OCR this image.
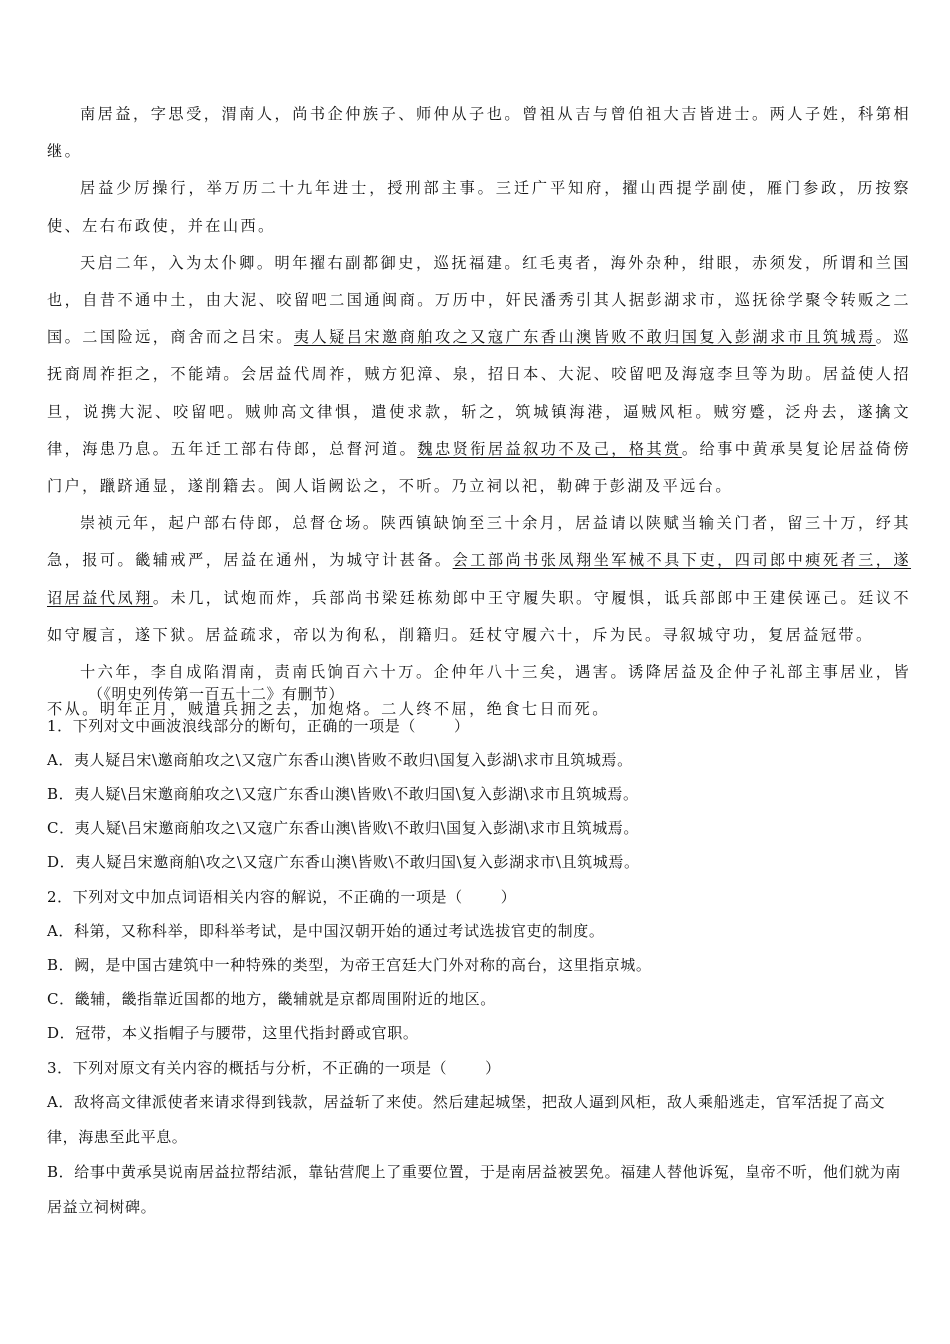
南居益，字思受，渭南人，尚书企仲族子、师仲从子也。曾祖从吉与曾伯祖大吉皆进士。两人子姓，科第相继。

居益少厉操行，举万历二十九年进士，授刑部主事。三迁广平知府，擢山西提学副使，雁门参政，历按察使、左右布政使，并在山西。

天启二年，入为太仆卿。明年擢右副都御史，巡抚福建。红毛夷者，海外杂种，绀眼，赤须发，所谓和兰国也，自昔不通中土，由大泥、咬留吧二国通闽商。万历中，奸民潘秀引其人据彭湖求市，巡抚徐学聚令转贩之二国。二国险远，商舍而之吕宋。夷人疑吕宋邀商舶攻之又寇广东香山澳皆败不敢归国复入彭湖求市且筑城焉。巡抚商周祚拒之，不能靖。会居益代周祚，贼方犯漳、泉，招日本、大泥、咬留吧及海寇李旦等为助。居益使人招旦，说携大泥、咬留吧。贼帅高文律惧，遣使求款，斩之，筑城镇海港，逼贼风柜。贼穷蹙，泛舟去，遂擒文律，海患乃息。五年迁工部右侍郎，总督河道。魏忠贤衔居益叙功不及己，格其赏。给事中黄承昊复论居益倚傍门户，躐跻通显，遂削籍去。闽人诣阙讼之，不听。乃立祠以祀，勒碑于彭湖及平远台。

崇祯元年，起户部右侍郎，总督仓场。陕西镇缺饷至三十余月，居益请以陕赋当输关门者，留三十万，纾其急，报可。畿辅戒严，居益在通州，为城守计甚备。会工部尚书张凤翔坐军械不具下吏，四司郎中瘐死者三，遂诏居益代凤翔。未几，试炮而炸，兵部尚书梁廷栋劾郎中王守履失职。守履惧，诋兵部郎中王建侯诬己。廷议不如守履言，遂下狱。居益疏求，帝以为徇私，削籍归。廷杖守履六十，斥为民。寻叙城守功，复居益冠带。

十六年，李自成陷渭南，责南氏饷百六十万。企仲年八十三矣，遇害。诱降居益及企仲子礼部主事居业，皆不从。明年正月，贼遣兵拥之去，加炮烙。二人终不屈，绝食七日而死。

（《明史列传第一百五十二》有删节）

1．下列对文中画波浪线部分的断句，正确的一项是（	）

A．夷人疑吕宋\邀商舶攻之\又寇广东香山澳\皆败不敢归\国复入彭湖\求市且筑城焉。

B．夷人疑\吕宋邀商舶攻之\又寇广东香山澳\皆败\不敢归国\复入彭湖\求市且筑城焉。

C．夷人疑\吕宋邀商舶攻之\又寇广东香山澳\皆败\不敢归\国复入彭湖\求市且筑城焉。

D．夷人疑吕宋邀商舶\攻之\又寇广东香山澳\皆败\不敢归国\复入彭湖求市\且筑城焉。

2．下列对文中加点词语相关内容的解说，不正确的一项是（	）

A．科第，又称科举，即科举考试，是中国汉朝开始的通过考试选拔官吏的制度。

B．阙，是中国古建筑中一种特殊的类型，为帝王宫廷大门外对称的高台，这里指京城。

C．畿辅，畿指靠近国都的地方，畿辅就是京都周围附近的地区。

D．冠带，本义指帽子与腰带，这里代指封爵或官职。

3．下列对原文有关内容的概括与分析，不正确的一项是（	）

A．敌将高文律派使者来请求得到钱款，居益斩了来使。然后建起城堡，把敌人逼到风柜，敌人乘船逃走，官军活捉了高文律，海患至此平息。

B．给事中黄承昊说南居益拉帮结派，靠钻营爬上了重要位置，于是南居益被罢免。福建人替他诉冤，皇帝不听，他们就为南居益立祠树碑。
